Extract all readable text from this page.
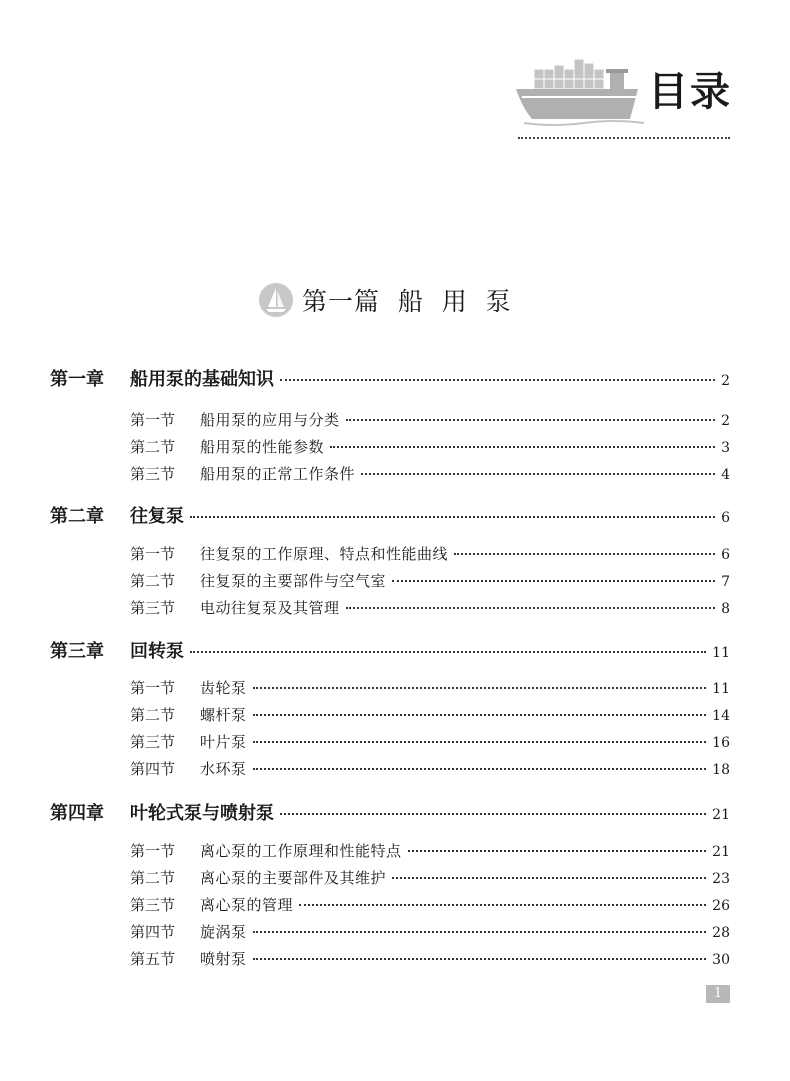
目录
第一篇  船  用  泵
第一章	船用泵的基础知识	2
第一节	船用泵的应用与分类	2
第二节	船用泵的性能参数	3
第三节	船用泵的正常工作条件	4
第二章	往复泵	6
第一节	往复泵的工作原理、特点和性能曲线	6
第二节	往复泵的主要部件与空气室	7
第三节	电动往复泵及其管理	8
第三章	回转泵	11
第一节	齿轮泵	11
第二节	螺杆泵	14
第三节	叶片泵	16
第四节	水环泵	18
第四章	叶轮式泵与喷射泵	21
第一节	离心泵的工作原理和性能特点	21
第二节	离心泵的主要部件及其维护	23
第三节	离心泵的管理	26
第四节	旋涡泵	28
第五节	喷射泵	30
1
